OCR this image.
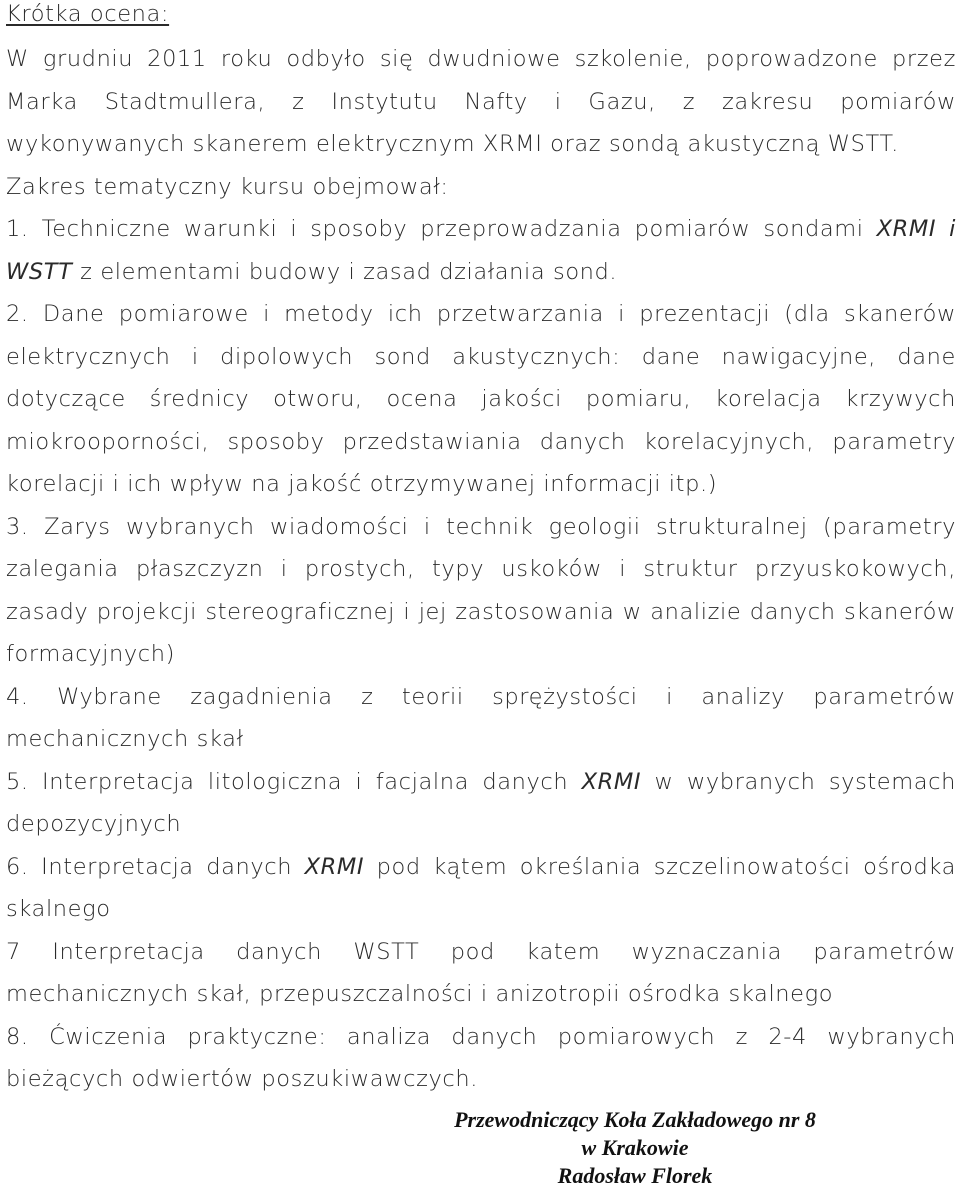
Krótka ocena:

W grudniu 2011 roku odbyło się dwudniowe szkolenie, poprowadzone przez Marka Stadtmullera, z Instytutu Nafty i Gazu, z zakresu pomiarów wykonywanych skanerem elektrycznym XRMI oraz sondą akustyczną WSTT.

Zakres tematyczny kursu obejmował:

1. Techniczne warunki i sposoby przeprowadzania pomiarów sondami XRMI i WSTT z elementami budowy i zasad działania sond.

2. Dane pomiarowe i metody ich przetwarzania i prezentacji (dla skanerów elektrycznych i dipolowych sond akustycznych: dane nawigacyjne, dane dotyczące średnicy otworu, ocena jakości pomiaru, korelacja krzywych miokrooporności, sposoby przedstawiania danych korelacyjnych, parametry korelacji i ich wpływ na jakość otrzymywanej informacji itp.)

3. Zarys wybranych wiadomości i technik geologii strukturalnej (parametry zalegania płaszczyzn i prostych, typy uskoków i struktur przyuskokowych, zasady projekcji stereograficznej i jej zastosowania w analizie danych skanerów formacyjnych)

4. Wybrane zagadnienia z teorii sprężystości i analizy parametrów mechanicznych skał

5. Interpretacja litologiczna i facjalna danych XRMI w wybranych systemach depozycyjnych

6. Interpretacja danych XRMI pod kątem określania szczelinowatości ośrodka skalnego

7 Interpretacja danych WSTT pod katem wyznaczania parametrów mechanicznych skał, przepuszczalności i anizotropii ośrodka skalnego

8. Ćwiczenia praktyczne: analiza danych pomiarowych z 2-4 wybranych bieżących odwiertów poszukiwawczych.

Przewodniczący Koła Zakładowego nr 8
w Krakowie
Radosław Florek
